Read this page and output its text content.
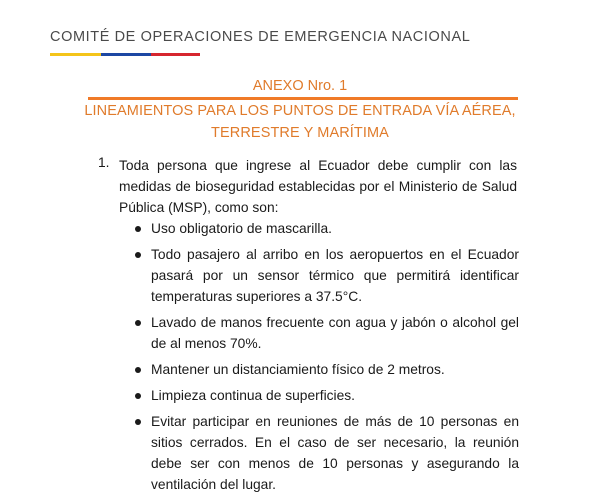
COMITÉ DE OPERACIONES DE EMERGENCIA NACIONAL
ANEXO Nro. 1
LINEAMIENTOS PARA LOS PUNTOS DE ENTRADA VÍA AÉREA,
TERRESTRE Y MARÍTIMA
1. Toda persona que ingrese al Ecuador debe cumplir con las medidas de bioseguridad establecidas por el Ministerio de Salud Pública (MSP), como son:
Uso obligatorio de mascarilla.
Todo pasajero al arribo en los aeropuertos en el Ecuador pasará por un sensor térmico que permitirá identificar temperaturas superiores a 37.5°C.
Lavado de manos frecuente con agua y jabón o alcohol gel de al menos 70%.
Mantener un distanciamiento físico de 2 metros.
Limpieza continua de superficies.
Evitar participar en reuniones de más de 10 personas en sitios cerrados. En el caso de ser necesario, la reunión debe ser con menos de 10 personas y asegurando la ventilación del lugar.
